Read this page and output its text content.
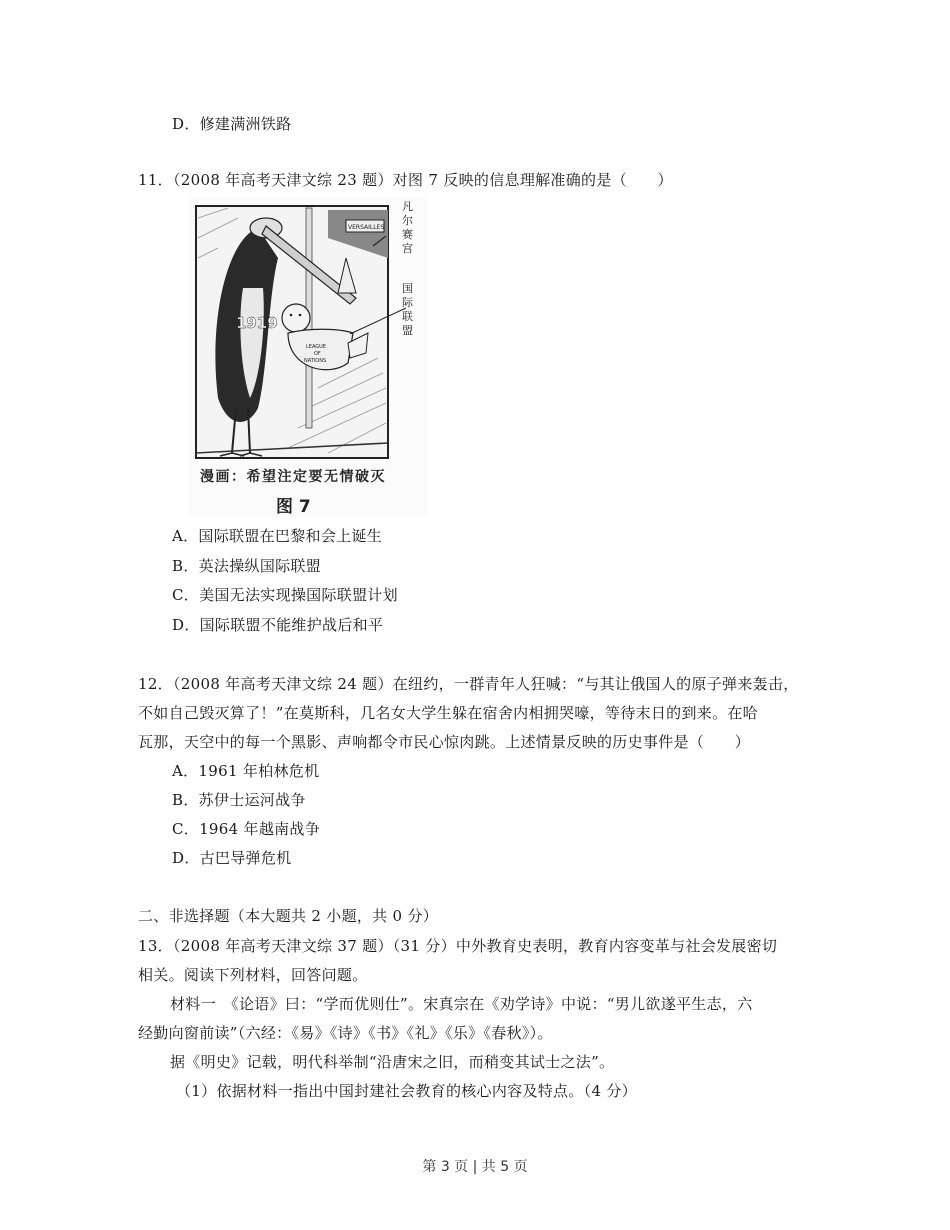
D．修建满洲铁路
11．（2008 年高考天津文综 23 题）对图 7 反映的信息理解准确的是（　　）
VERSAILLES
1919
LEAGUE
OF
NATIONS
凡尔赛宫
国际联盟
漫画：希望注定要无情破灭
图 7
A．国际联盟在巴黎和会上诞生
B．英法操纵国际联盟
C．美国无法实现操国际联盟计划
D．国际联盟不能维护战后和平
12．（2008 年高考天津文综 24 题）在纽约，一群青年人狂喊：“与其让俄国人的原子弹来轰击，
不如自己毁灭算了！”在莫斯科，几名女大学生躲在宿舍内相拥哭嚎，等待末日的到来。在哈
瓦那，天空中的每一个黑影、声响都令市民心惊肉跳。上述情景反映的历史事件是（　　）
A．1961 年柏林危机
B．苏伊士运河战争
C．1964 年越南战争
D．古巴导弹危机
二、非选择题（本大题共 2 小题，共 0 分）
13．（2008 年高考天津文综 37 题）（31 分）中外教育史表明，教育内容变革与社会发展密切
相关。阅读下列材料，回答问题。
材料一　《论语》曰：“学而优则仕”。宋真宗在《劝学诗》中说：“男儿欲遂平生志，六
经勤向窗前读”（六经：《易》《诗》《书》《礼》《乐》《春秋》）。
据《明史》记载，明代科举制“沿唐宋之旧，而稍变其试士之法”。
（1）依据材料一指出中国封建社会教育的核心内容及特点。（4 分）
第 3 页 | 共 5 页
